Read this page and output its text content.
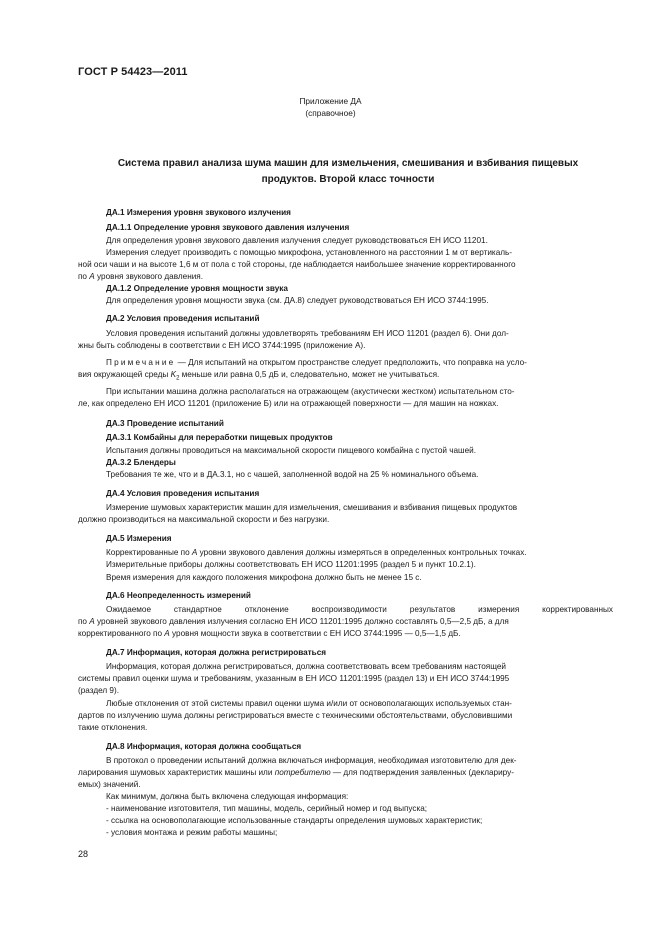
ГОСТ Р 54423—2011
Приложение ДА
(справочное)
Система правил анализа шума машин для измельчения, смешивания и взбивания пищевых
продуктов. Второй класс точности
ДА.1 Измерения уровня звукового излучения
ДА.1.1 Определение уровня звукового давления излучения
Для определения уровня звукового давления излучения следует руководствоваться ЕН ИСО 11201.
Измерения следует производить с помощью микрофона, установленного на расстоянии 1 м от вертикаль-
ной оси чаши и на высоте 1,6 м от пола с той стороны, где наблюдается наибольшее значение корректированного
по А уровня звукового давления.
ДА.1.2 Определение уровня мощности звука
Для определения уровня мощности звука (см. ДА.8) следует руководствоваться ЕН ИСО 3744:1995.
ДА.2 Условия проведения испытаний
Условия проведения испытаний должны удовлетворять требованиям ЕН ИСО 11201 (раздел 6). Они дол-
жны быть соблюдены в соответствии с ЕН ИСО 3744:1995 (приложение А).
Примечание — Для испытаний на открытом пространстве следует предположить, что поправка на усло-
вия окружающей среды $K_2$ меньше или равна 0,5 дБ и, следовательно, может не учитываться.
При испытании машина должна располагаться на отражающем (акустически жестком) испытательном сто-
ле, как определено ЕН ИСО 11201 (приложение Б) или на отражающей поверхности — для машин на ножках.
ДА.3 Проведение испытаний
ДА.3.1 Комбайны для переработки пищевых продуктов
Испытания должны проводиться на максимальной скорости пищевого комбайна с пустой чашей.
ДА.3.2 Блендеры
Требования те же, что и в ДА.3.1, но с чашей, заполненной водой на 25 % номинального объема.
ДА.4 Условия проведения испытания
Измерение шумовых характеристик машин для измельчения, смешивания и взбивания пищевых продуктов
должно производиться на максимальной скорости и без нагрузки.
ДА.5 Измерения
Корректированные по А уровни звукового давления должны измеряться в определенных контрольных точках.
Измерительные приборы должны соответствовать ЕН ИСО 11201:1995 (раздел 5 и пункт 10.2.1).
Время измерения для каждого положения микрофона должно быть не менее 15 с.
ДА.6 Неопределенность измерений
Ожидаемое стандартное отклонение воспроизводимости результатов измерения корректированных
по А уровней звукового давления излучения согласно ЕН ИСО 11201:1995 должно составлять 0,5—2,5 дБ, а для
корректированного по А уровня мощности звука в соответствии с ЕН ИСО 3744:1995 — 0,5—1,5 дБ.
ДА.7 Информация, которая должна регистрироваться
Информация, которая должна регистрироваться, должна соответствовать всем требованиям настоящей
системы правил оценки шума и требованиям, указанным в ЕН ИСО 11201:1995 (раздел 13) и ЕН ИСО 3744:1995
(раздел 9).
Любые отклонения от этой системы правил оценки шума и/или от основополагающих используемых стан-
дартов по излучению шума должны регистрироваться вместе с техническими обстоятельствами, обусловившими
такие отклонения.
ДА.8 Информация, которая должна сообщаться
В протокол о проведении испытаний должна включаться информация, необходимая изготовителю для дек-
ларирования шумовых характеристик машины или потребителю — для подтверждения заявленных (деклариру-
емых) значений.
Как минимум, должна быть включена следующая информация:
- наименование изготовителя, тип машины, модель, серийный номер и год выпуска;
- ссылка на основополагающие использованные стандарты определения шумовых характеристик;
- условия монтажа и режим работы машины;
28
